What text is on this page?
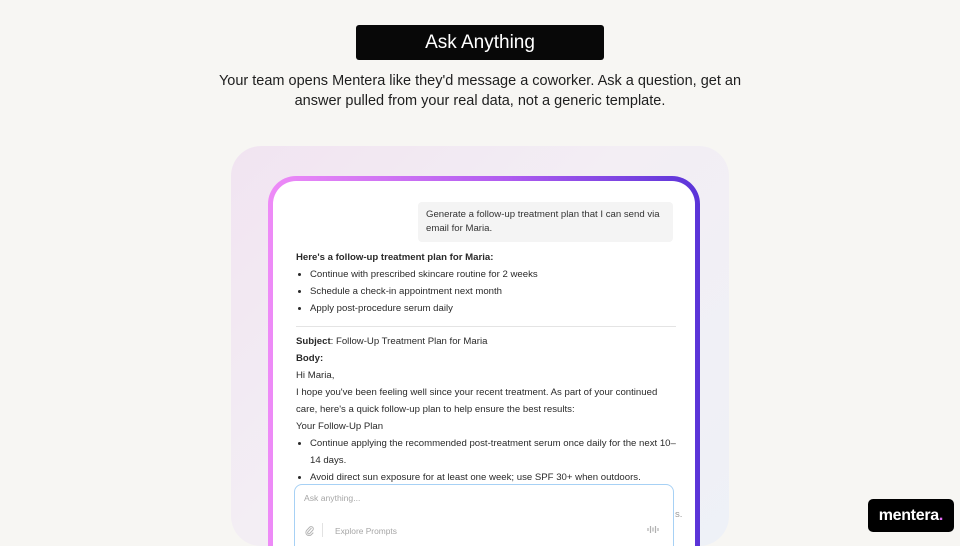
Ask Anything
Your team opens Mentera like they'd message a coworker. Ask a question, get an answer pulled from your real data, not a generic template.
Generate a follow-up treatment plan that I can send via email for Maria.
Here's a follow-up treatment plan for Maria:
• Continue with prescribed skincare routine for 2 weeks
• Schedule a check-in appointment next month
• Apply post-procedure serum daily
Subject: Follow-Up Treatment Plan for Maria
Body:
Hi Maria,
I hope you've been feeling well since your recent treatment. As part of your continued care, here's a quick follow-up plan to help ensure the best results:
Your Follow-Up Plan
• Continue applying the recommended post-treatment serum once daily for the next 10–14 days.
• Avoid direct sun exposure for at least one week; use SPF 30+ when outdoors.
s.
Ask anything...
Explore Prompts
mentera .
